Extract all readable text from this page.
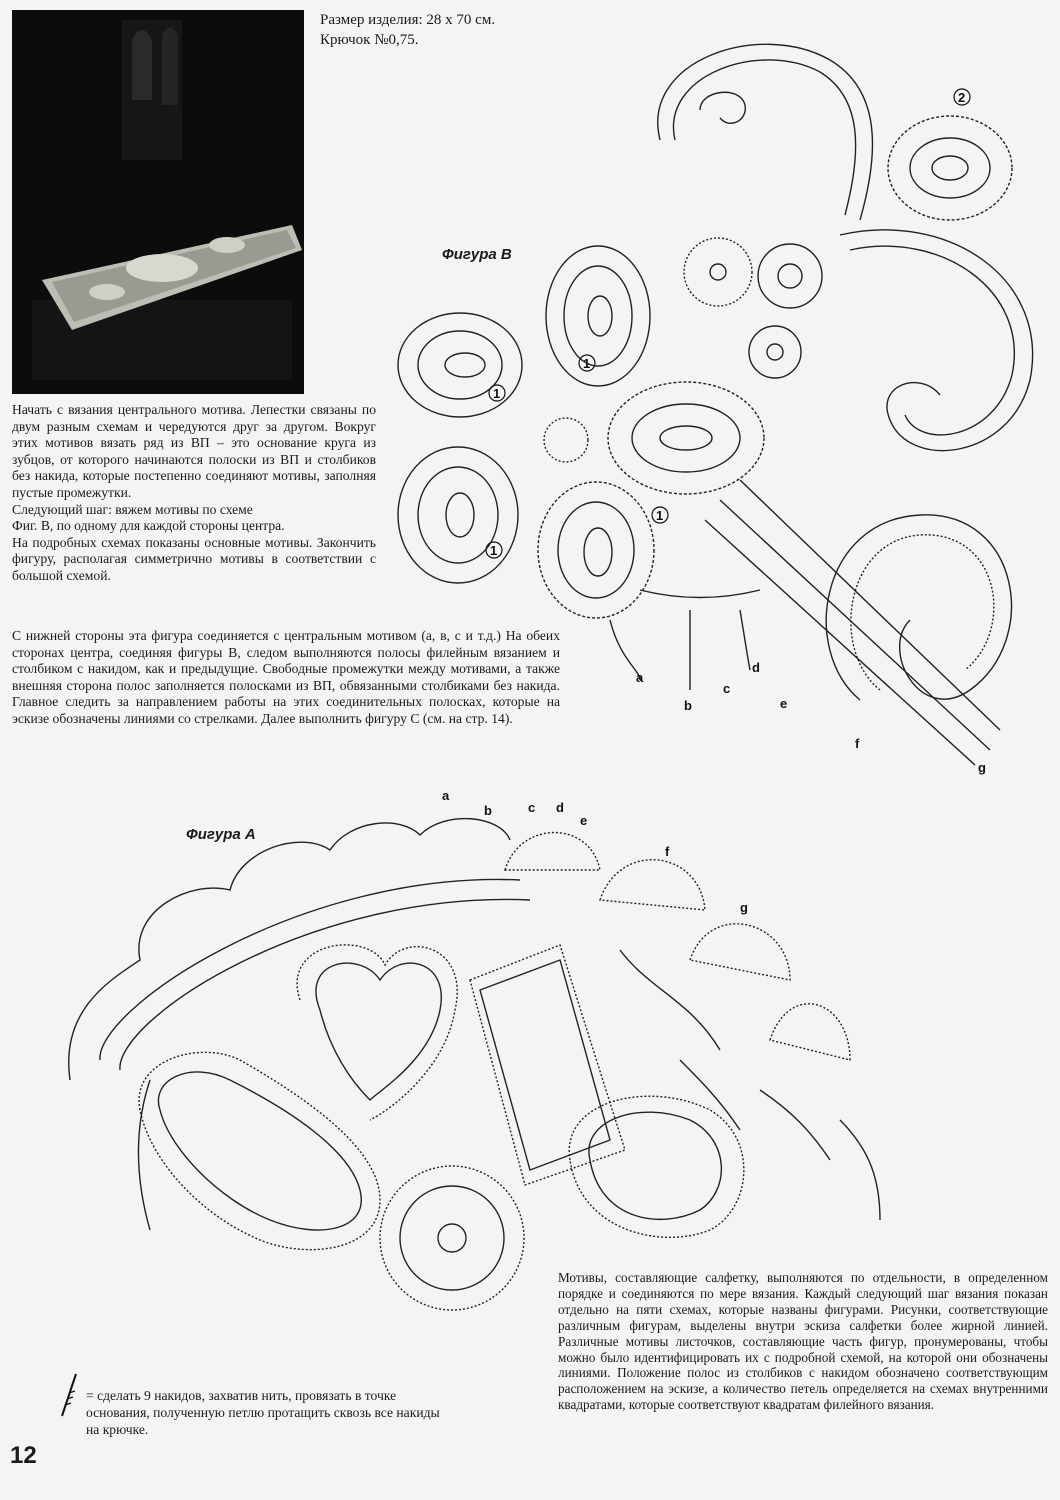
Размер изделия: 28 х 70 см.
Крючок №0,75.
Фигура В
Фигура А

Начать с вязания центрального мотива. Лепестки связаны по двум разным схемам и чередуются друг за другом. Вокруг этих мотивов вязать ряд из ВП – это основание круга из зубцов, от которого начинаются полоски из ВП и столбиков без накида, которые постепенно соединяют мотивы, заполняя пустые промежутки.

Следующий шаг: вяжем мотивы по схеме

Фиг. В, по одному для каждой стороны центра.

На подробных схемах показаны основные мотивы. Закончить фигуру, располагая симметрично мотивы в соответствии с большой схемой.

С нижней стороны эта фигура соединяется с центральным мотивом (а, в, с и т.д.) На обеих сторонах центра, соединяя фигуры В, следом выполняются полосы филейным вязанием и столбиком с накидом, как и предыдущие. Свободные промежутки между мотивами, а также внешняя сторона полос заполняется полосками из ВП, обвязанными столбиками без накида. Главное следить за направлением работы на этих соединительных полосках, которые на эскизе обозначены линиями со стрелками. Далее выполнить фигуру С (см. на стр. 14).
Мотивы, составляющие салфетку, выполняются по отдельности, в определенном порядке и соединяются по мере вязания. Каждый следующий шаг вязания показан отдельно на пяти схемах, которые названы фигурами. Рисунки, соответствующие различным фигурам, выделены внутри эскиза салфетки более жирной линией. Различные мотивы листочков, составляющие часть фигур, пронумерованы, чтобы можно было идентифицировать их с подробной схемой, на которой они обозначены линиями. Положение полос из столбиков с накидом обозначено соответствующим расположением на эскизе, а количество петель определяется на схемах внутренними квадратами, которые соответствуют квадратам филейного вязания.
= сделать 9 накидов, захватив нить, провязать в точке основания, полученную петлю протащить сквозь все накиды на крючке.
12
a
b
c
d
e
f
g
1
1
1
1
2
a
b	c d
e
f
g
